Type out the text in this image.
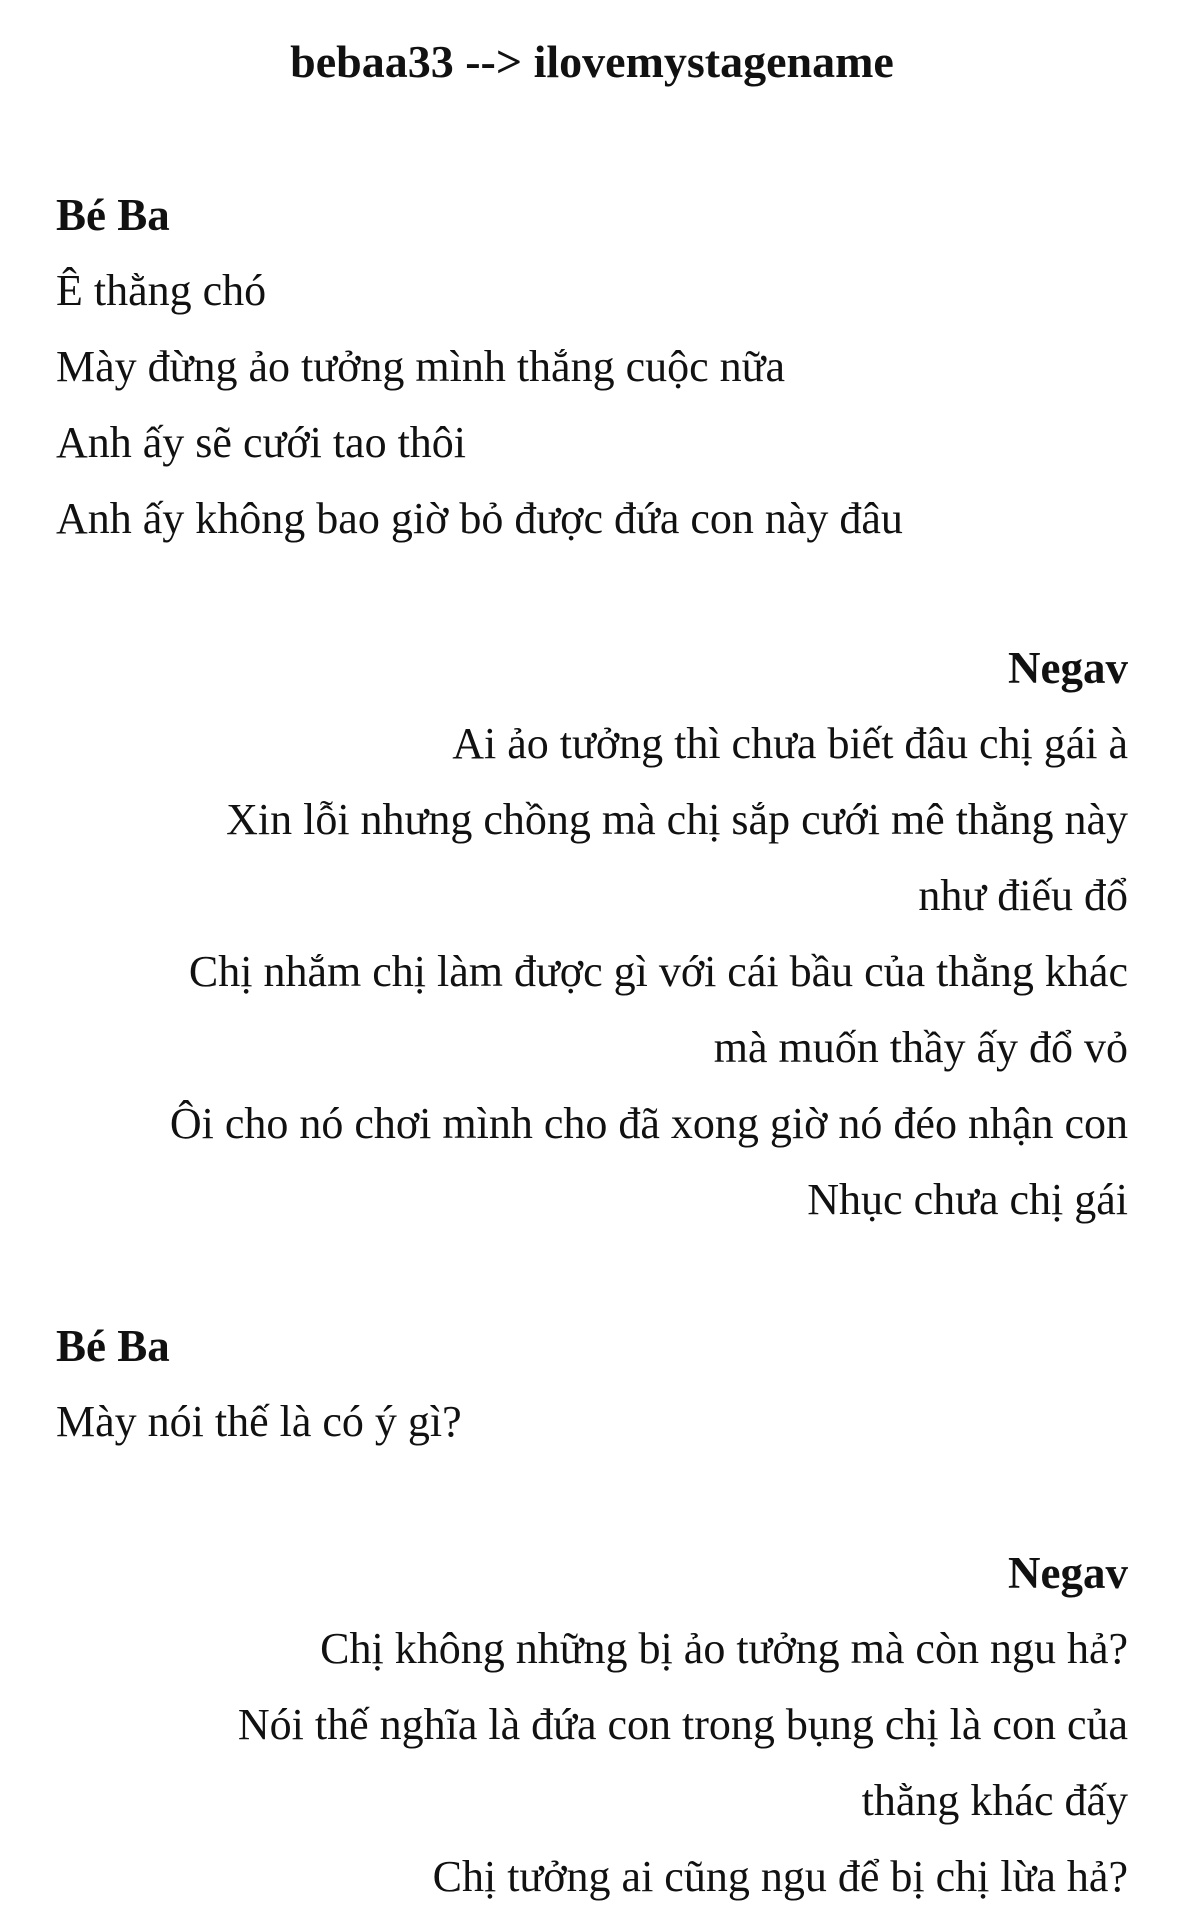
bebaa33 --> ilovemystagename
Bé Ba
Ê thằng chó
Mày đừng ảo tưởng mình thắng cuộc nữa
Anh ấy sẽ cưới tao thôi
Anh ấy không bao giờ bỏ được đứa con này đâu
Negav
Ai ảo tưởng thì chưa biết đâu chị gái à
Xin lỗi nhưng chồng mà chị sắp cưới mê thằng này
như điếu đổ
Chị nhắm chị làm được gì với cái bầu của thằng khác
mà muốn thầy ấy đổ vỏ
Ôi cho nó chơi mình cho đã xong giờ nó đéo nhận con
Nhục chưa chị gái
Bé Ba
Mày nói thế là có ý gì?
Negav
Chị không những bị ảo tưởng mà còn ngu hả?
Nói thế nghĩa là đứa con trong bụng chị là con của
thằng khác đấy
Chị tưởng ai cũng ngu để bị chị lừa hả?
